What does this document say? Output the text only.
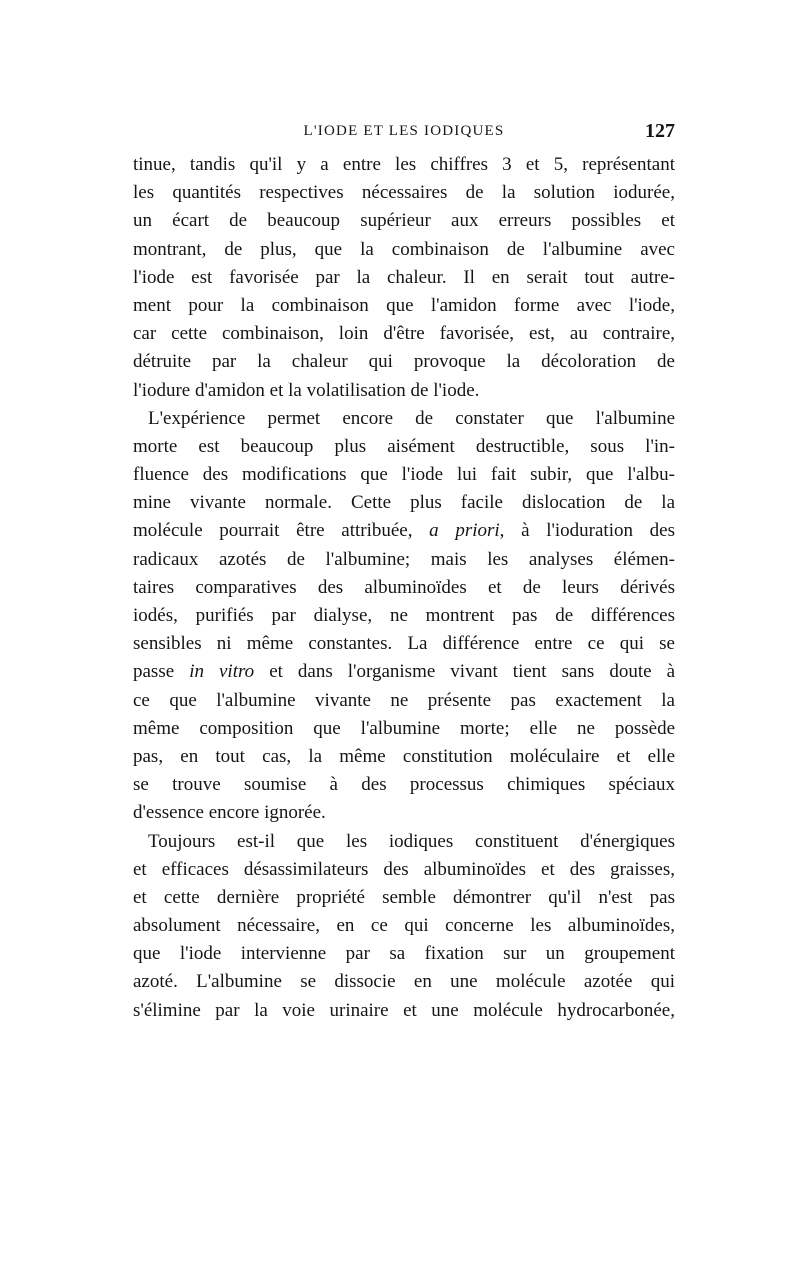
L'IODE ET LES IODIQUES	127
tinue, tandis qu'il y a entre les chiffres 3 et 5, représentant
les quantités respectives nécessaires de la solution iodurée,
un écart de beaucoup supérieur aux erreurs possibles et
montrant, de plus, que la combinaison de l'albumine avec
l'iode est favorisée par la chaleur. Il en serait tout autre-
ment pour la combinaison que l'amidon forme avec l'iode,
car cette combinaison, loin d'être favorisée, est, au contraire,
détruite par la chaleur qui provoque la décoloration de
l'iodure d'amidon et la volatilisation de l'iode.
L'expérience permet encore de constater que l'albumine
morte est beaucoup plus aisément destructible, sous l'in-
fluence des modifications que l'iode lui fait subir, que l'albu-
mine vivante normale. Cette plus facile dislocation de la
molécule pourrait être attribuée, a priori, à l'ioduration des
radicaux azotés de l'albumine; mais les analyses élémen-
taires comparatives des albuminoïdes et de leurs dérivés
iodés, purifiés par dialyse, ne montrent pas de différences
sensibles ni même constantes. La différence entre ce qui se
passe in vitro et dans l'organisme vivant tient sans doute à
ce que l'albumine vivante ne présente pas exactement la
même composition que l'albumine morte; elle ne possède
pas, en tout cas, la même constitution moléculaire et elle
se trouve soumise à des processus chimiques spéciaux
d'essence encore ignorée.
Toujours est-il que les iodiques constituent d'énergiques
et efficaces désassimilateurs des albuminoïdes et des graisses,
et cette dernière propriété semble démontrer qu'il n'est pas
absolument nécessaire, en ce qui concerne les albuminoïdes,
que l'iode intervienne par sa fixation sur un groupement
azoté. L'albumine se dissocie en une molécule azotée qui
s'élimine par la voie urinaire et une molécule hydrocarbonée,
